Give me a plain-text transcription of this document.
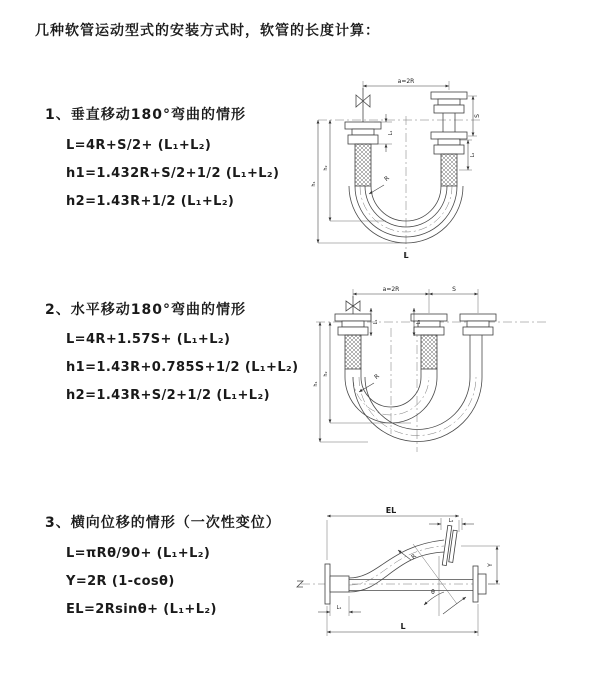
几种软管运动型式的安装方式时，软管的长度计算：
1、垂直移动180°弯曲的情形
L=4R+S/2+ (L₁+L₂)
h1=1.432R+S/2+1/2 (L₁+L₂)
h2=1.43R+1/2 (L₁+L₂)
2、水平移动180°弯曲的情形
L=4R+1.57S+ (L₁+L₂)
h1=1.43R+0.785S+1/2 (L₁+L₂)
h2=1.43R+S/2+1/2 (L₁+L₂)
3、横向位移的情形（一次性变位）
L=πRθ/90+ (L₁+L₂)
Y=2R (1-cosθ)
EL=2Rsinθ+ (L₁+L₂)
a=2R
h₁
h₂
L₁
S
L₂
R
L
a=2R	S
h₁
h₂
L₁	L₂
R
EL
L₂
θ
R
Y
L₁
L
